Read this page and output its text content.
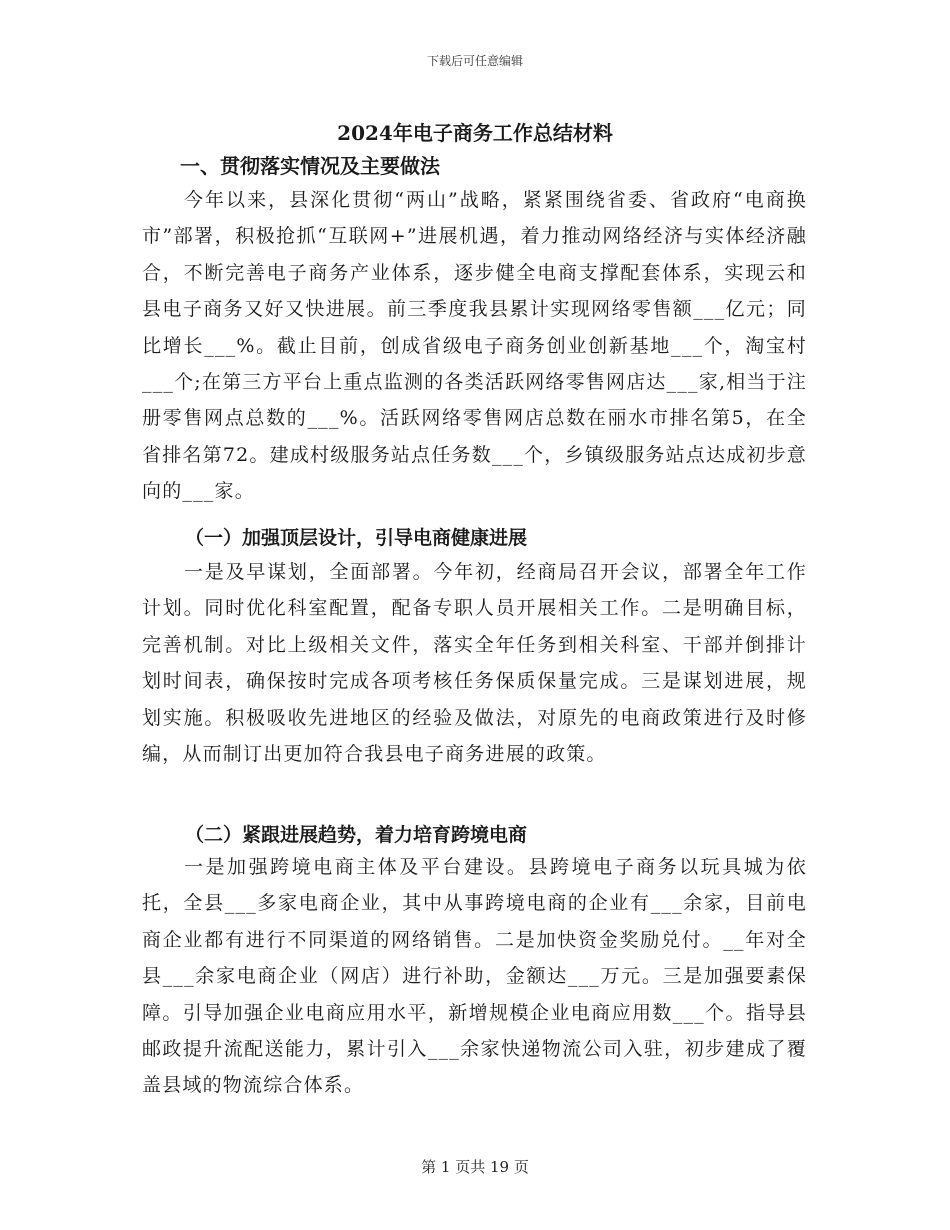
下载后可任意编辑
2024年电子商务工作总结材料
一、贯彻落实情况及主要做法

今年以来，县深化贯彻“两山”战略，紧紧围绕省委、省政府“电商换市”部署，积极抢抓“互联网+”进展机遇，着力推动网络经济与实体经济融合，不断完善电子商务产业体系，逐步健全电商支撑配套体系，实现云和县电子商务又好又快进展。前三季度我县累计实现网络零售额___亿元；同比增长___%。截止目前，创成省级电子商务创业创新基地___个，淘宝村___个;在第三方平台上重点监测的各类活跃网络零售网店达___家,相当于注册零售网点总数的___%。活跃网络零售网店总数在丽水市排名第5，在全省排名第72。建成村级服务站点任务数___个，乡镇级服务站点达成初步意向的___家。

（一）加强顶层设计，引导电商健康进展

一是及早谋划，全面部署。今年初，经商局召开会议，部署全年工作计划。同时优化科室配置，配备专职人员开展相关工作。二是明确目标，完善机制。对比上级相关文件，落实全年任务到相关科室、干部并倒排计划时间表，确保按时完成各项考核任务保质保量完成。三是谋划进展，规划实施。积极吸收先进地区的经验及做法，对原先的电商政策进行及时修编，从而制订出更加符合我县电子商务进展的政策。

（二）紧跟进展趋势，着力培育跨境电商

一是加强跨境电商主体及平台建设。县跨境电子商务以玩具城为依托，全县___多家电商企业，其中从事跨境电商的企业有___余家，目前电商企业都有进行不同渠道的网络销售。二是加快资金奖励兑付。__年对全县___余家电商企业（网店）进行补助，金额达___万元。三是加强要素保障。引导加强企业电商应用水平，新增规模企业电商应用数___个。指导县邮政提升流配送能力，累计引入___余家快递物流公司入驻，初步建成了覆盖县域的物流综合体系。

第 1 页共 19 页
